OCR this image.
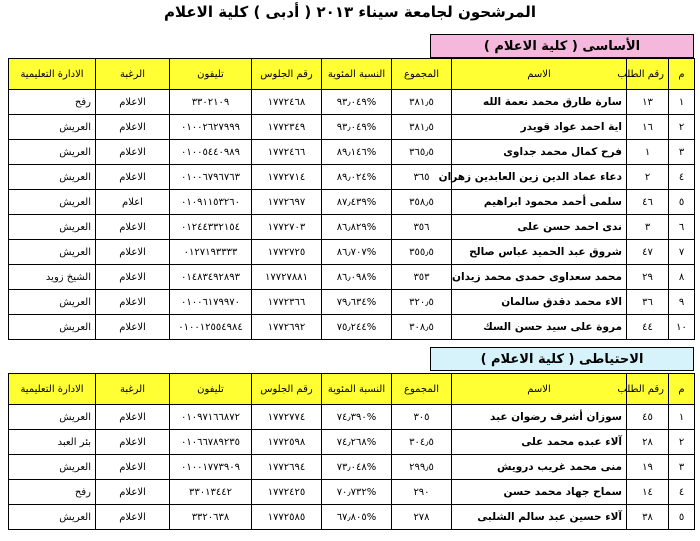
المرشحون لجامعة سيناء ٢٠١٣ ( أدبى ) كلية الاعلام
الأساسى ( كلية الاعلام )
م	رقم الطلب	الاسم	المجموع	النسبة المئوية	رقم الجلوس	تليفون	الرغبة	الادارة التعليمية
١	١٣	سارة طارق محمد نعمة الله	٣٨١٫٥	%٩٣٫٠٤٩	١٧٧٢٤٦٨	٣٣٠٢١٠٩	الاعلام	رفح
٢	١٦	اية احمد عواد قويدر	٣٨١٫٥	%٩٣٫٠٤٩	١٧٧٢٣٤٩	٠١٠٠٢٦٢٧٩٩٩	الاعلام	العريش
٣	١	فرح كمال محمد جداوى	٣٦٥٫٥	%٨٩٫١٤٦	١٧٧٢٤٦٦	٠١٠٠٥٤٤٠٩٨٩	الاعلام	العريش
٤	٢	دعاء عماد الدين زين العابدين زهران	٣٦٥	%٨٩٫٠٢٤	١٧٧٢٧١٤	٠١٠٠٦٧٩٦٧٦٣	الاعلام	العريش
٥	٤٦	سلمى أحمد محمود ابراهيم	٣٥٨٫٥	%٨٧٫٤٣٩	١٧٧٢٦٩٧	٠١٠٩١١٥٣٢٦٠	اعلام	العريش
٦	٣	ندى احمد حسن على	٣٥٦	%٨٦٫٨٢٩	١٧٧٢٧٠٣	٠١٢٤٤٣٣٢١٥٤	الاعلام	العريش
٧	٤٧	شروق عبد الحميد عباس صالح	٣٥٥٫٥	%٨٦٫٧٠٧	١٧٧٢٧٢٥	٠١٢٧١٩٣٣٣٣	الاعلام	العريش
٨	٢٩	محمد سعداوى حمدى محمد زيدان	٣٥٣	%٨٦٫٠٩٨	١٧٧٢٧٨٨١	٠١٤٨٣٤٩٢٨٩٣	الاعلام	الشيخ زويد
٩	٣٦	الاء محمد دقدق سالمان	٣٢٠٫٥	%٧٩٫٦٣٤	١٧٧٢٣٦٦	٠١٠٠٦١٧٩٩٧٠	الاعلام	العريش
١٠	٤٤	مروة على سيد حسن السك	٣٠٨٫٥	%٧٥٫٢٤٤	١٧٧٢٦٩٢	٠١٠٠١٢٥٥٤٩٨٤	الاعلام	العريش
الاحتياطى ( كلية الاعلام )
م	رقم الطلب	الاسم	المجموع	النسبة المئوية	رقم الجلوس	تليفون	الرغبة	الادارة التعليمية
١	٤٥	سوزان أشرف رضوان عبد	٣٠٥	%٧٤٫٣٩٠	١٧٧٢٧٧٤	٠١٠٩٧١٦٦٨٧٢	الاعلام	العريش
٢	٢٨	آلاء عبده محمد على	٣٠٤٫٥	%٧٤٫٢٦٨	١٧٧٢٥٩٨	٠١٠٦٦٧٨٩٢٣٥	الاعلام	بئر العبد
٣	١٩	منى محمد غريب درويش	٢٩٩٫٥	%٧٣٫٠٤٨	١٧٧٢٦٩٤	٠١٠٠١٧٧٣٩٠٩	الاعلام	العريش
٤	١٤	سماح جهاد محمد حسن	٢٩٠	%٧٠٫٧٣٢	١٧٧٢٤٢٥	٣٣٠١٣٤٤٢	الاعلام	رفح
٥	٣٨	آلاء حسين عبد سالم الشلبى	٢٧٨	%٦٧٫٨٠٥	١٧٧٢٥٨٥	٣٣٢٠٦٣٨	الاعلام	العريش
